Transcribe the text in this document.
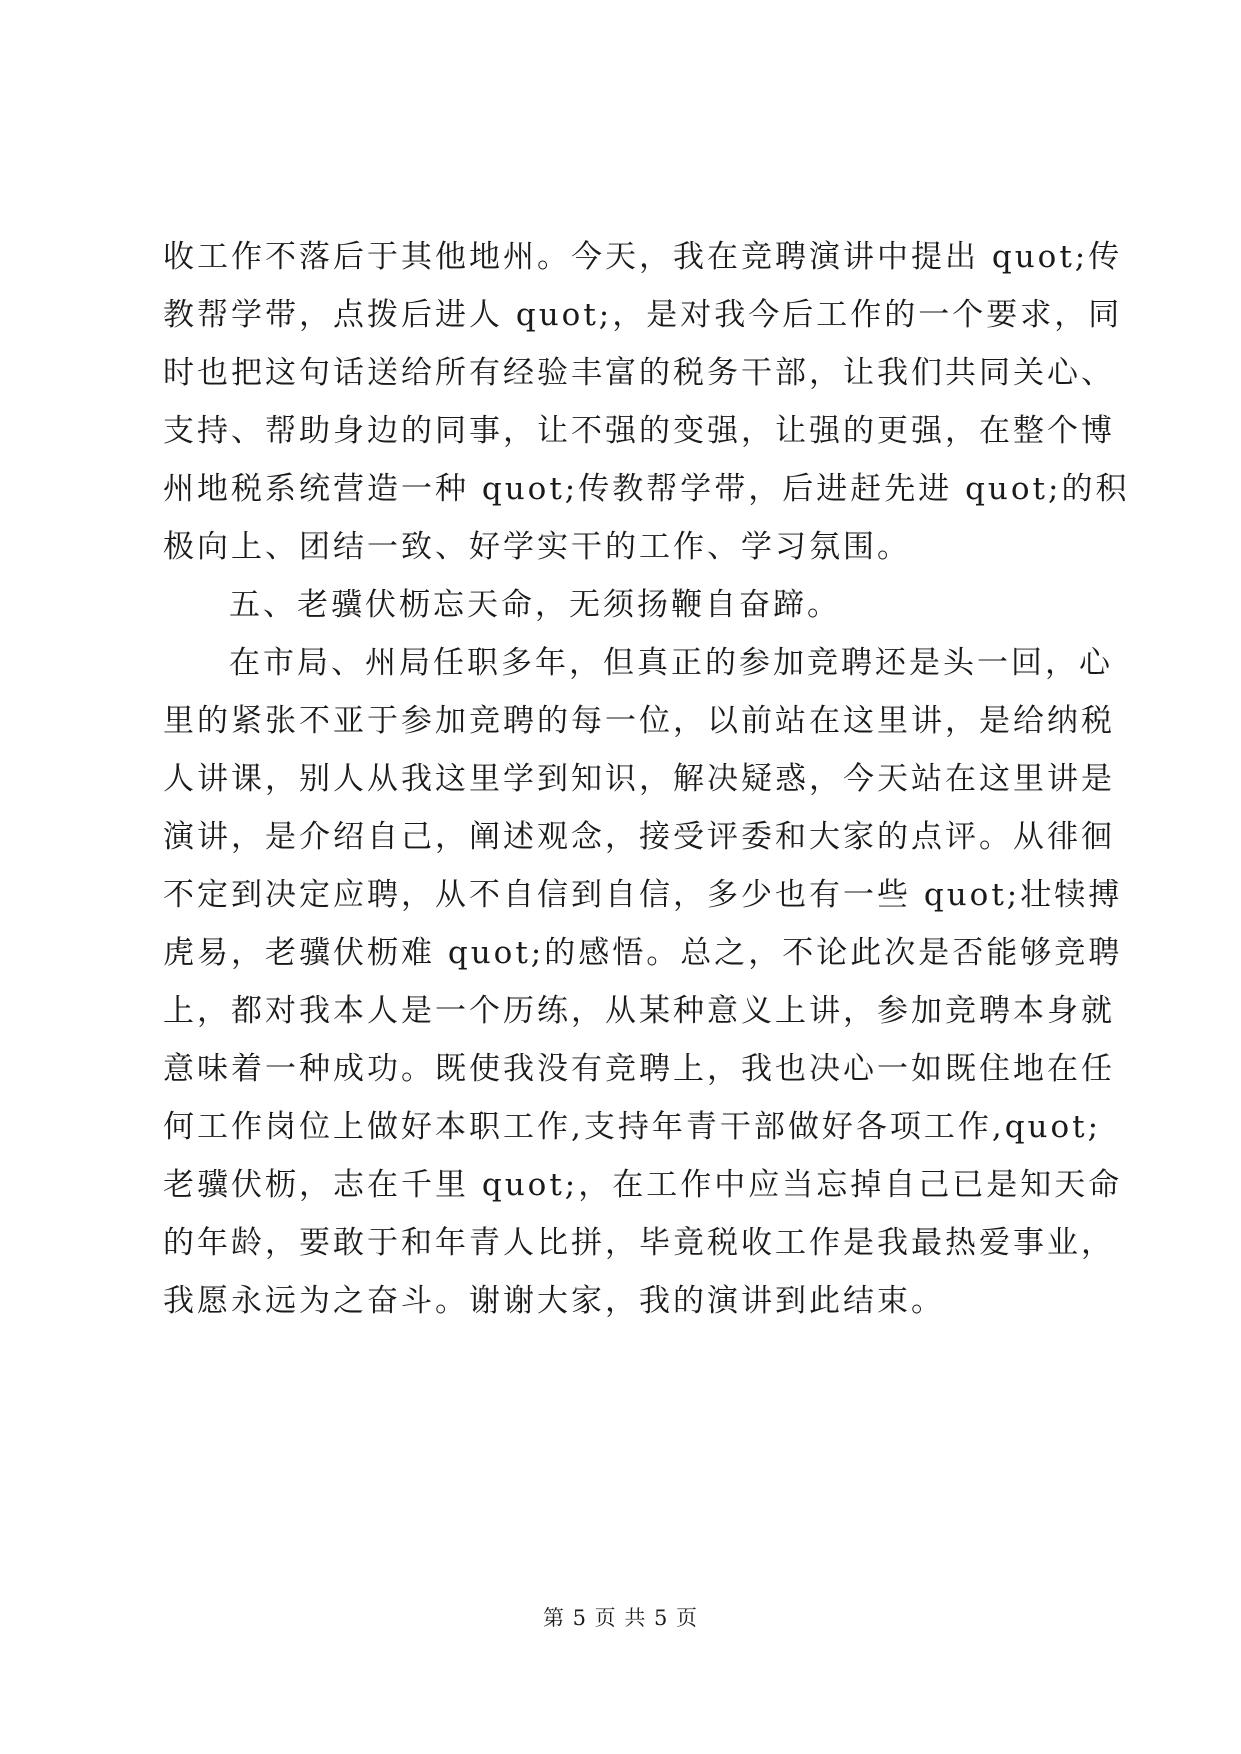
收工作不落后于其他地州。今天，我在竞聘演讲中提出 quot;传
教帮学带，点拨后进人 quot;，是对我今后工作的一个要求，同
时也把这句话送给所有经验丰富的税务干部，让我们共同关心、
支持、帮助身边的同事，让不强的变强，让强的更强，在整个博
州地税系统营造一种 quot;传教帮学带，后进赶先进 quot;的积
极向上、团结一致、好学实干的工作、学习氛围。
五、老骥伏枥忘天命，无须扬鞭自奋蹄。
在市局、州局任职多年，但真正的参加竞聘还是头一回，心
里的紧张不亚于参加竞聘的每一位，以前站在这里讲，是给纳税
人讲课，别人从我这里学到知识，解决疑惑，今天站在这里讲是
演讲，是介绍自己，阐述观念，接受评委和大家的点评。从徘徊
不定到决定应聘，从不自信到自信，多少也有一些 quot;壮犊搏
虎易，老骥伏枥难 quot;的感悟。总之，不论此次是否能够竞聘
上，都对我本人是一个历练，从某种意义上讲，参加竞聘本身就
意味着一种成功。既使我没有竞聘上，我也决心一如既住地在任
何工作岗位上做好本职工作,支持年青干部做好各项工作,quot;
老骥伏枥，志在千里 quot;，在工作中应当忘掉自己已是知天命
的年龄，要敢于和年青人比拼，毕竟税收工作是我最热爱事业，
我愿永远为之奋斗。谢谢大家，我的演讲到此结束。
第 5 页 共 5 页
